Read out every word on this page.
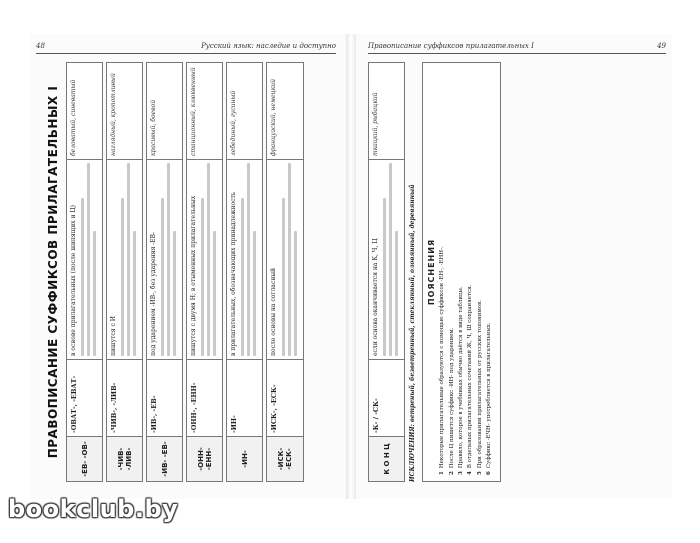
48	Русский язык: наследие и доступно
ПРАВОПИСАНИЕ СУФФИКСОВ ПРИЛАГАТЕЛЬНЫХ I
-ЕВ- -ОВ-
-ОВАТ-, -ЕВАТ-
в основе прилагательных (после шипящих и Ц)
беловатый, синеватый
-ЧИВ- -ЛИВ-
-ЧИВ-, -ЛИВ-
пишутся с И
наглядный, кропотливый
-ИВ- -ЕВ-
-ИВ-, -ЕВ-
под ударением -ИВ-, без ударения -ЕВ-
красивый, боевой
-ОНН- -ЕНН-
-ОНН-, -ЕНН-
пишутся с двумя Н; в отыменных прилагательных
станционный, клюквенный
-ИН-
-ИН-
в прилагательных, обозначающих принадлежность
лебединый, гусиный
-ИСК- -ЕСК-
-ИСК-, -ЕСК-
после основы на согласный
французский, немецкий
Правописание суффиксов прилагательных I	49
К О Н Ц
-К- / -СК-
если основа оканчивается на К, Ч, Ц
ткацкий, рыбацкий
ИСКЛЮЧЕНИЯ: ветреный, безветренный, стеклянный, оловянный, деревянный ПОЯСНЕНИЯ
1
Некоторые прилагательные образуются с помощью суффиксов -ЕН-, -ЕНН-.
2
После Ц пишется суффикс -ИН- под ударением.
3
Правило, которое в учебниках обычно даётся в виде таблицы.
4
В отдельных прилагательных сочетаний Ж, Ч, Ш сохраняется.
5
При образовании прилагательных от русских топонимов.
6
Суффикс -ЕЧН- употребляется в прилагательных.
bookclub.by
